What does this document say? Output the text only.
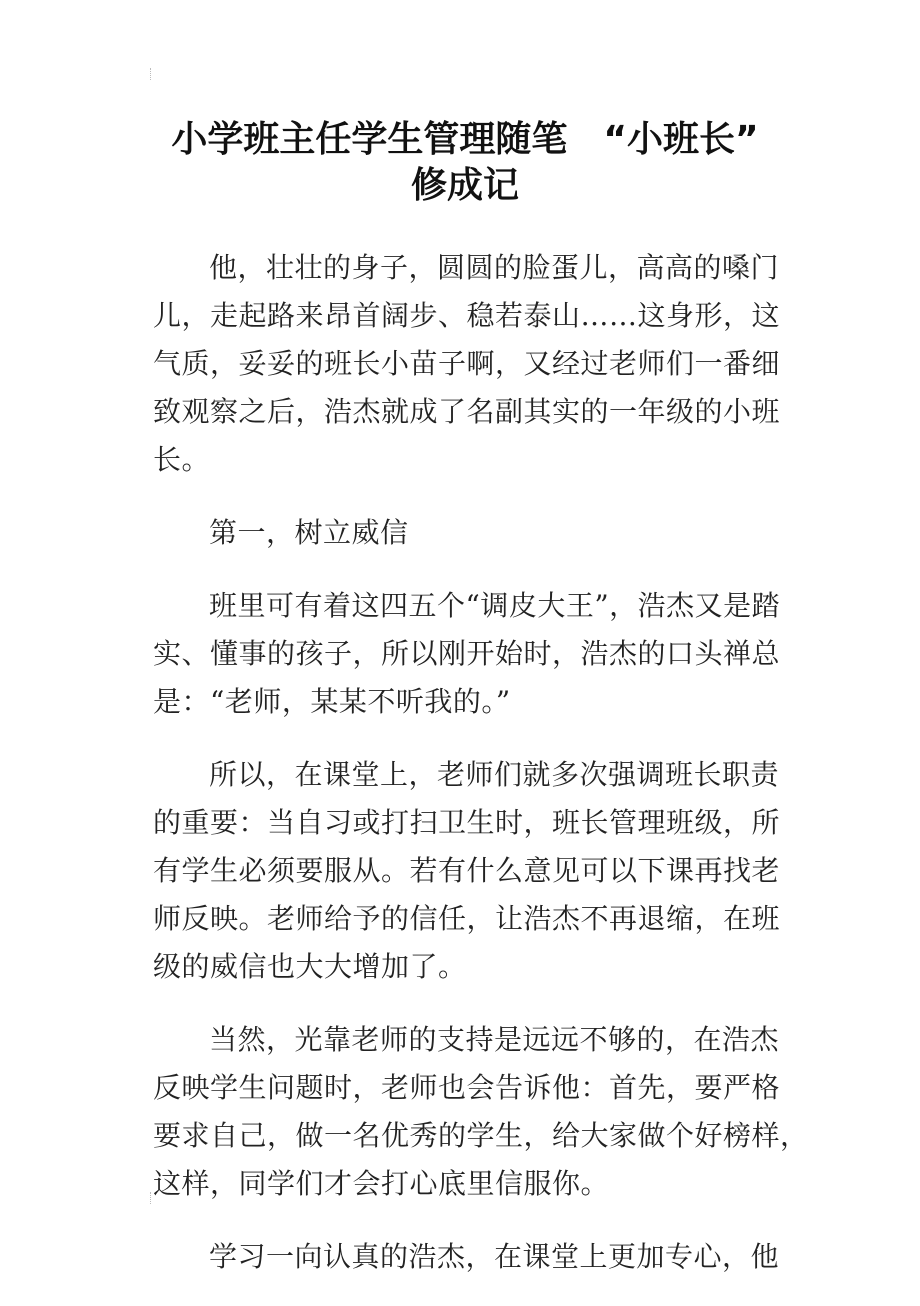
小学班主任学生管理随笔　“小班长”
修成记
他，壮壮的身子，圆圆的脸蛋儿，高高的嗓门
儿，走起路来昂首阔步、稳若泰山……这身形，这
气质，妥妥的班长小苗子啊，又经过老师们一番细
致观察之后，浩杰就成了名副其实的一年级的小班
长。
第一，树立威信
班里可有着这四五个“调皮大王”，浩杰又是踏
实、懂事的孩子，所以刚开始时，浩杰的口头禅总
是：“老师，某某不听我的。”
所以，在课堂上，老师们就多次强调班长职责
的重要：当自习或打扫卫生时，班长管理班级，所
有学生必须要服从。若有什么意见可以下课再找老
师反映。老师给予的信任，让浩杰不再退缩，在班
级的威信也大大增加了。
当然，光靠老师的支持是远远不够的，在浩杰
反映学生问题时，老师也会告诉他：首先，要严格
要求自己，做一名优秀的学生，给大家做个好榜样，
这样，同学们才会打心底里信服你。
学习一向认真的浩杰，在课堂上更加专心，他
